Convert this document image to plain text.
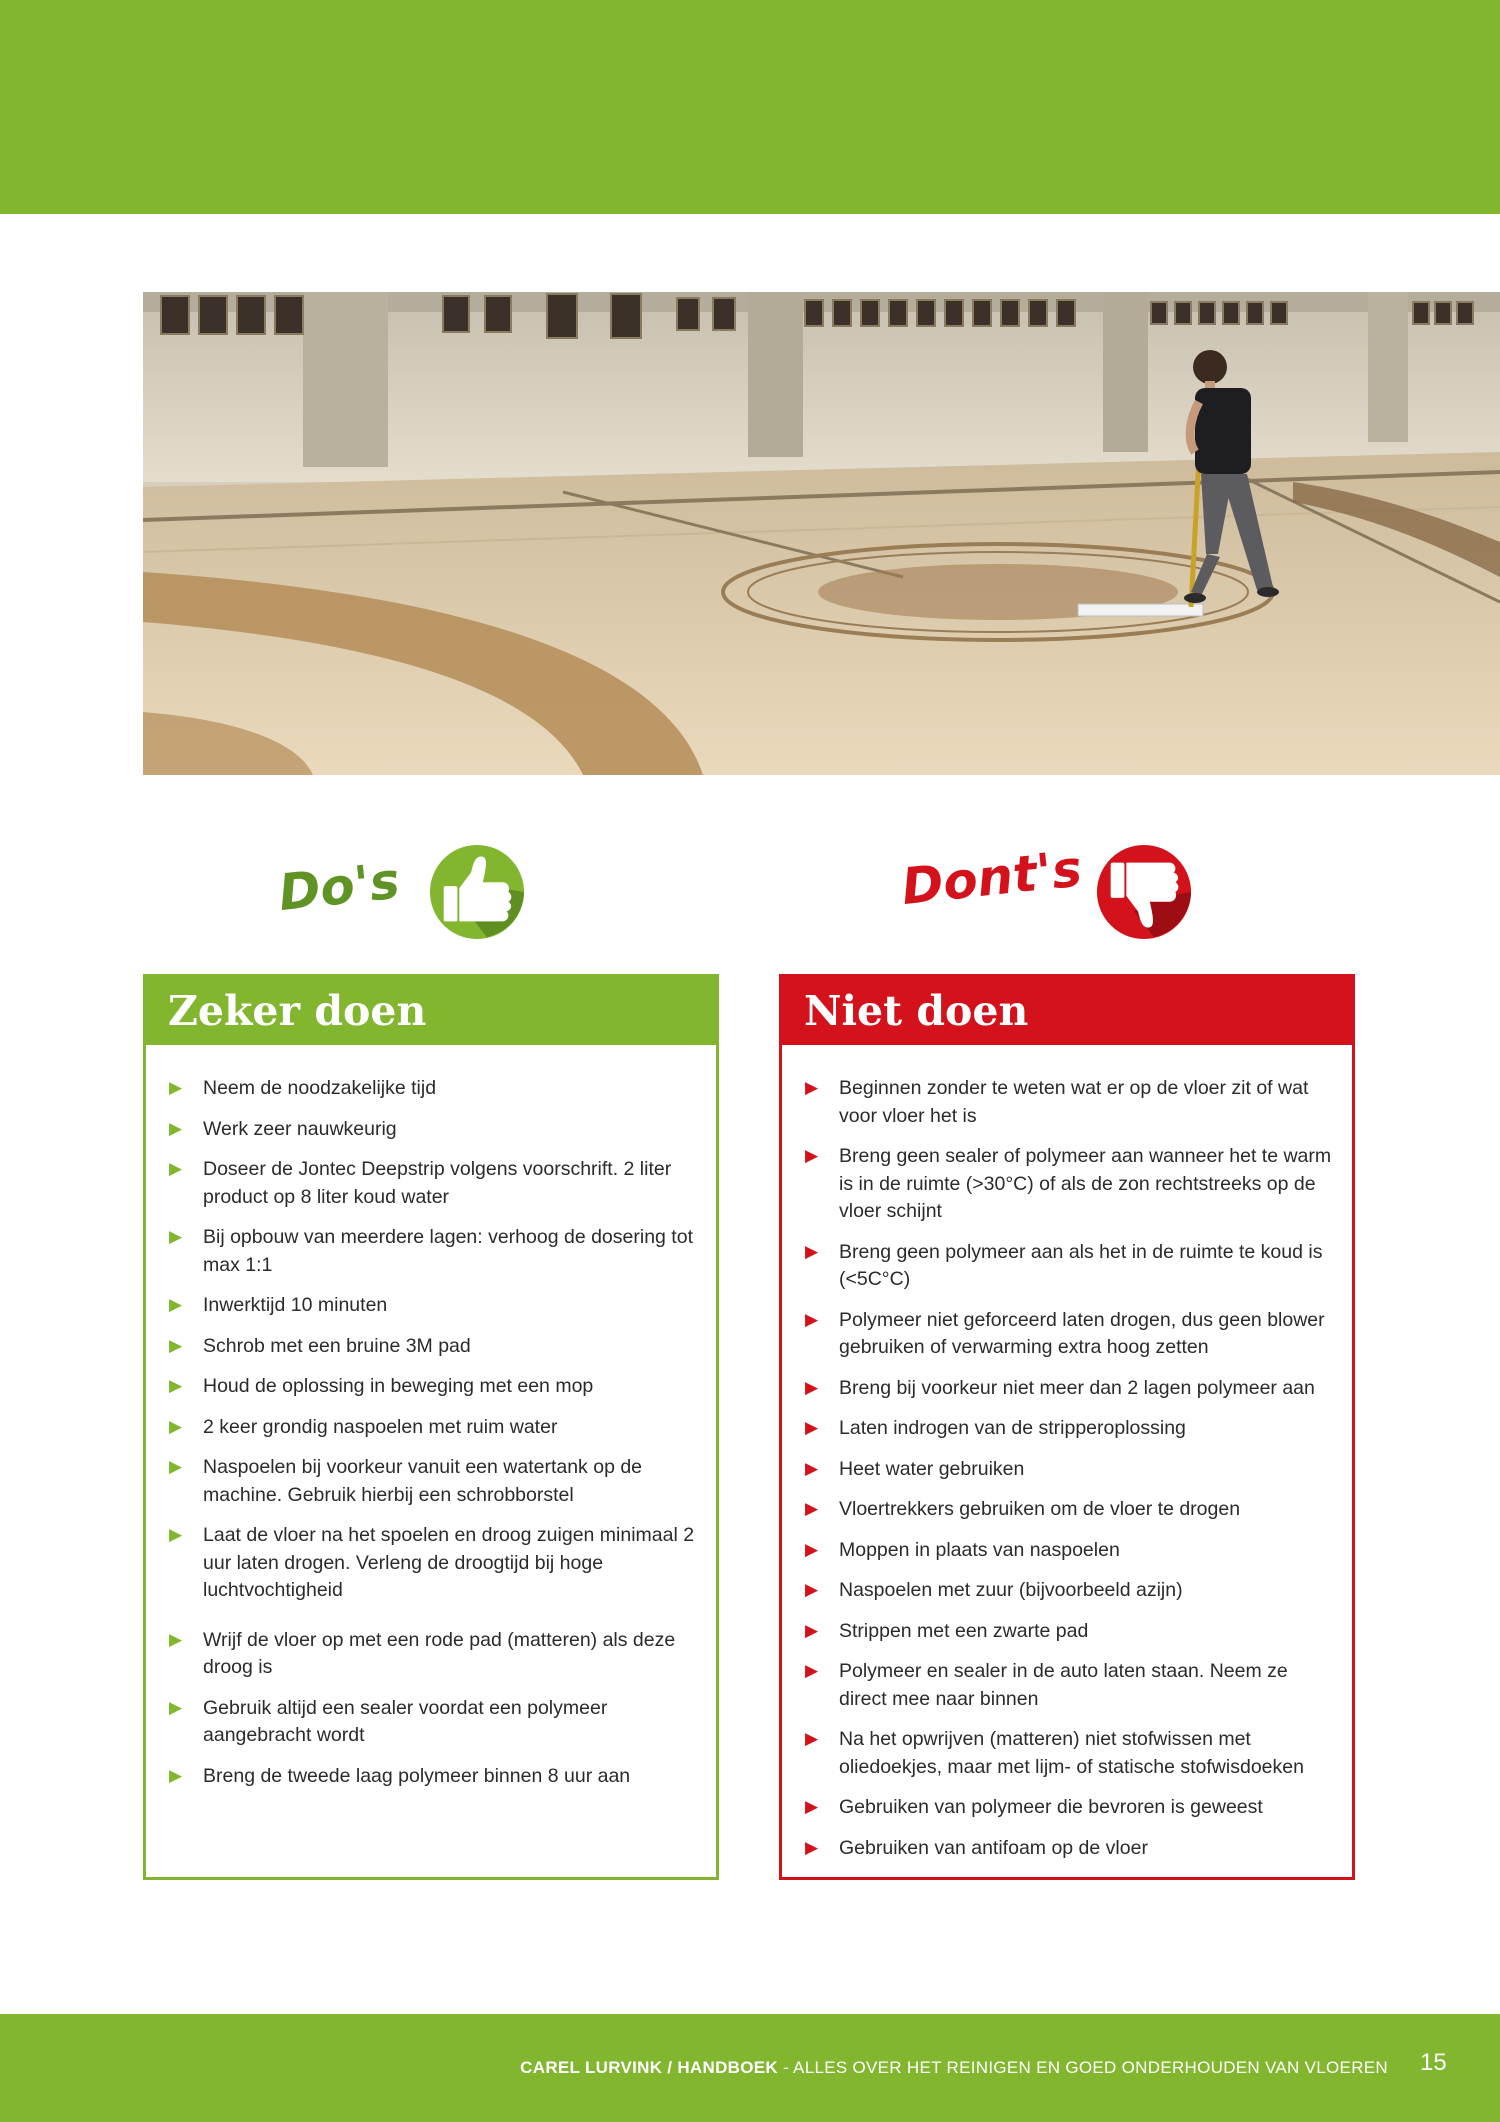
Do's	Dont's
Zeker doen
▶ Neem de noodzakelijke tijd
▶ Werk zeer nauwkeurig
▶ Doseer de Jontec Deepstrip volgens voorschrift. 2 liter product op 8 liter koud water
▶ Bij opbouw van meerdere lagen: verhoog de dosering tot max 1:1
▶ Inwerktijd 10 minuten
▶ Schrob met een bruine 3M pad
▶ Houd de oplossing in beweging met een mop
▶ 2 keer grondig naspoelen met ruim water
▶ Naspoelen bij voorkeur vanuit een watertank op de machine. Gebruik hierbij een schrobborstel
▶ Laat de vloer na het spoelen en droog zuigen minimaal 2 uur laten drogen. Verleng de droogtijd bij hoge luchtvochtigheid
▶ Wrijf de vloer op met een rode pad (matteren) als deze droog is
▶ Gebruik altijd een sealer voordat een polymeer aangebracht wordt
▶ Breng de tweede laag polymeer binnen 8 uur aan
Niet doen
▶ Beginnen zonder te weten wat er op de vloer zit of wat voor vloer het is
▶ Breng geen sealer of polymeer aan wanneer het te warm is in de ruimte (>30°C) of als de zon rechtstreeks op de vloer schijnt
▶ Breng geen polymeer aan als het in de ruimte te koud is (<5C°C)
▶ Polymeer niet geforceerd laten drogen, dus geen blower gebruiken of verwarming extra hoog zetten
▶ Breng bij voorkeur niet meer dan 2 lagen polymeer aan
▶ Laten indrogen van de stripperoplossing
▶ Heet water gebruiken
▶ Vloertrekkers gebruiken om de vloer te drogen
▶ Moppen in plaats van naspoelen
▶ Naspoelen met zuur (bijvoorbeeld azijn)
▶ Strippen met een zwarte pad
▶ Polymeer en sealer in de auto laten staan. Neem ze direct mee naar binnen
▶ Na het opwrijven (matteren) niet stofwissen met oliedoekjes, maar met lijm- of statische stofwisdoeken
▶ Gebruiken van polymeer die bevroren is geweest
▶ Gebruiken van antifoam op de vloer
CAREL LURVINK / HANDBOEK - ALLES OVER HET REINIGEN EN GOED ONDERHOUDEN VAN VLOEREN 15
